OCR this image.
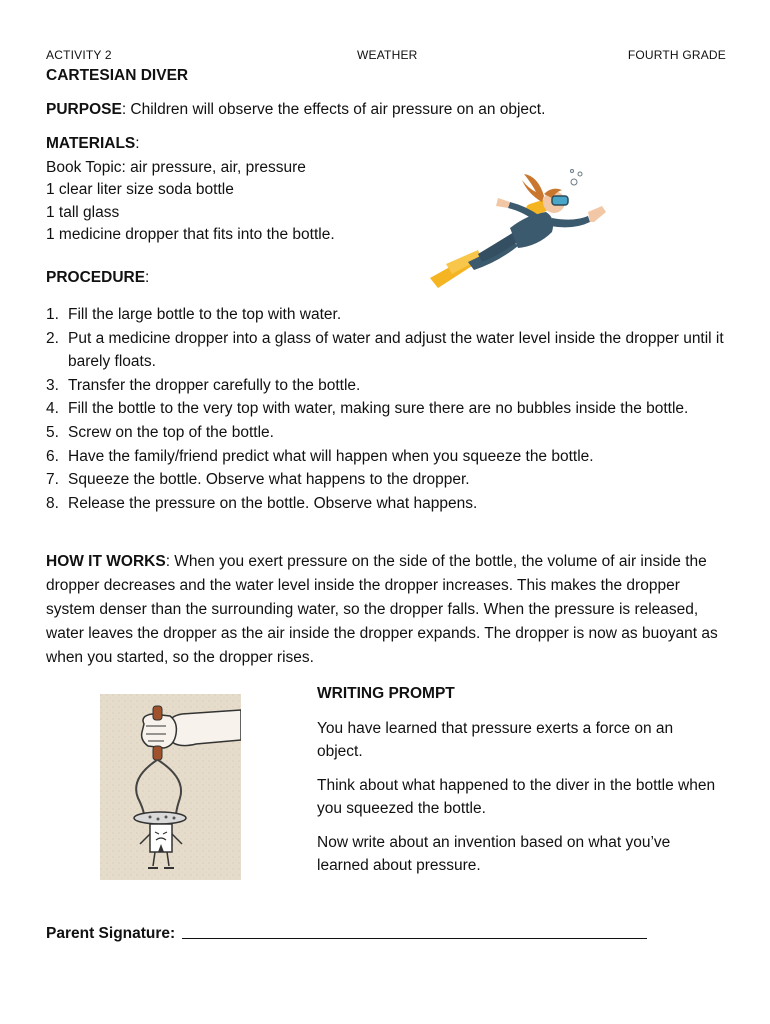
ACTIVITY 2	WEATHER	FOURTH GRADE
CARTESIAN DIVER
PURPOSE: Children will observe the effects of air pressure on an object.
MATERIALS:
Book Topic: air pressure, air, pressure
1 clear liter size soda bottle
1 tall glass
1 medicine dropper that fits into the bottle.
PROCEDURE:
1. Fill the large bottle to the top with water.
2. Put a medicine dropper into a glass of water and adjust the water level inside the dropper until it barely floats.
3. Transfer the dropper carefully to the bottle.
4. Fill the bottle to the very top with water, making sure there are no bubbles inside the bottle.
5. Screw on the top of the bottle.
6. Have the family/friend predict what will happen when you squeeze the bottle.
7. Squeeze the bottle. Observe what happens to the dropper.
8. Release the pressure on the bottle. Observe what happens.
HOW IT WORKS: When you exert pressure on the side of the bottle, the volume of air inside the dropper decreases and the water level inside the dropper increases. This makes the dropper system denser than the surrounding water, so the dropper falls. When the pressure is released, water leaves the dropper as the air inside the dropper expands. The dropper is now as buoyant as when you started, so the dropper rises.

WRITING PROMPT

You have learned that pressure exerts a force on an object.

Think about what happened to the diver in the bottle when you squeezed the bottle.

Now write about an invention based on what you’ve learned about pressure.

Parent Signature:
